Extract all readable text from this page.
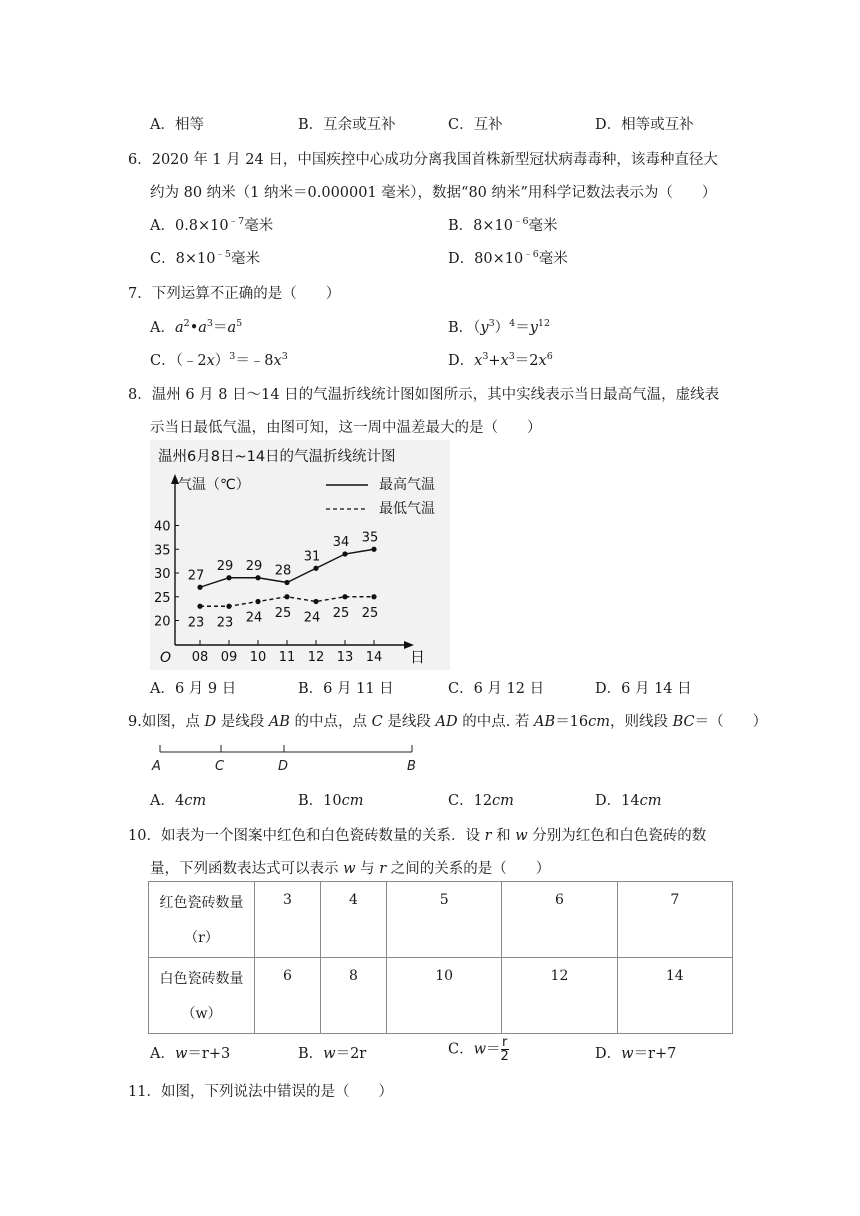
A．相等	B．互余或互补	C．互补	D．相等或互补
6．2020 年 1 月 24 日，中国疾控中心成功分离我国首株新型冠状病毒毒种，该毒种直径大
约为 80 纳米（1 纳米＝0.000001 毫米），数据“80 纳米”用科学记数法表示为（　　）
A．$0.8\times 10^{﹣7}$毫米	B．$8\times 10^{﹣6}$毫米
C．$8\times 10^{﹣5}$毫米	D．$80\times 10^{﹣6}$毫米
7．下列运算不正确的是（　　）
A．$a^2•a^3=a^5$	B．$(y^3)^4=y^{12}$
C．$(﹣2x)^3=﹣8x^3$	D．$x^3+x^3=2x^6$
8．温州 6 月 8 日～14 日的气温折线统计图如图所示，其中实线表示当日最高气温，虚线表
示当日最低气温，由图可知，这一周中温差最大的是（　　）
温州6月8日~14日的气温折线统计图
气温（℃）	最高气温
最低气温
日
O
20
25
30
35
40
08 09 10 11 12 13 14
27
29 29 28
31
34 35
23 23 24 25 24 25 25
A．6 月 9 日	B．6 月 11 日	C．6 月 12 日	D．6 月 14 日
9.如图，点 D 是线段 AB 的中点，点 C 是线段 AD 的中点. 若 AB＝16cm，则线段 BC＝（　　）
A	C	D	B
A．4cm	B．10cm	C．12cm	D．14cm
10．如表为一个图案中红色和白色瓷砖数量的关系．设 r 和 w 分别为红色和白色瓷砖的数
量，下列函数表达式可以表示 w 与 r 之间的关系的是（　　）
红色瓷砖数量
（r）	3	4	5	6	7
白色瓷砖数量
（w）	6	8	10	12	14
A．w＝r+3	B．w＝2r	C．$w= \frac{r}{2}$	D．w＝r+7
11．如图，下列说法中错误的是（　　）
